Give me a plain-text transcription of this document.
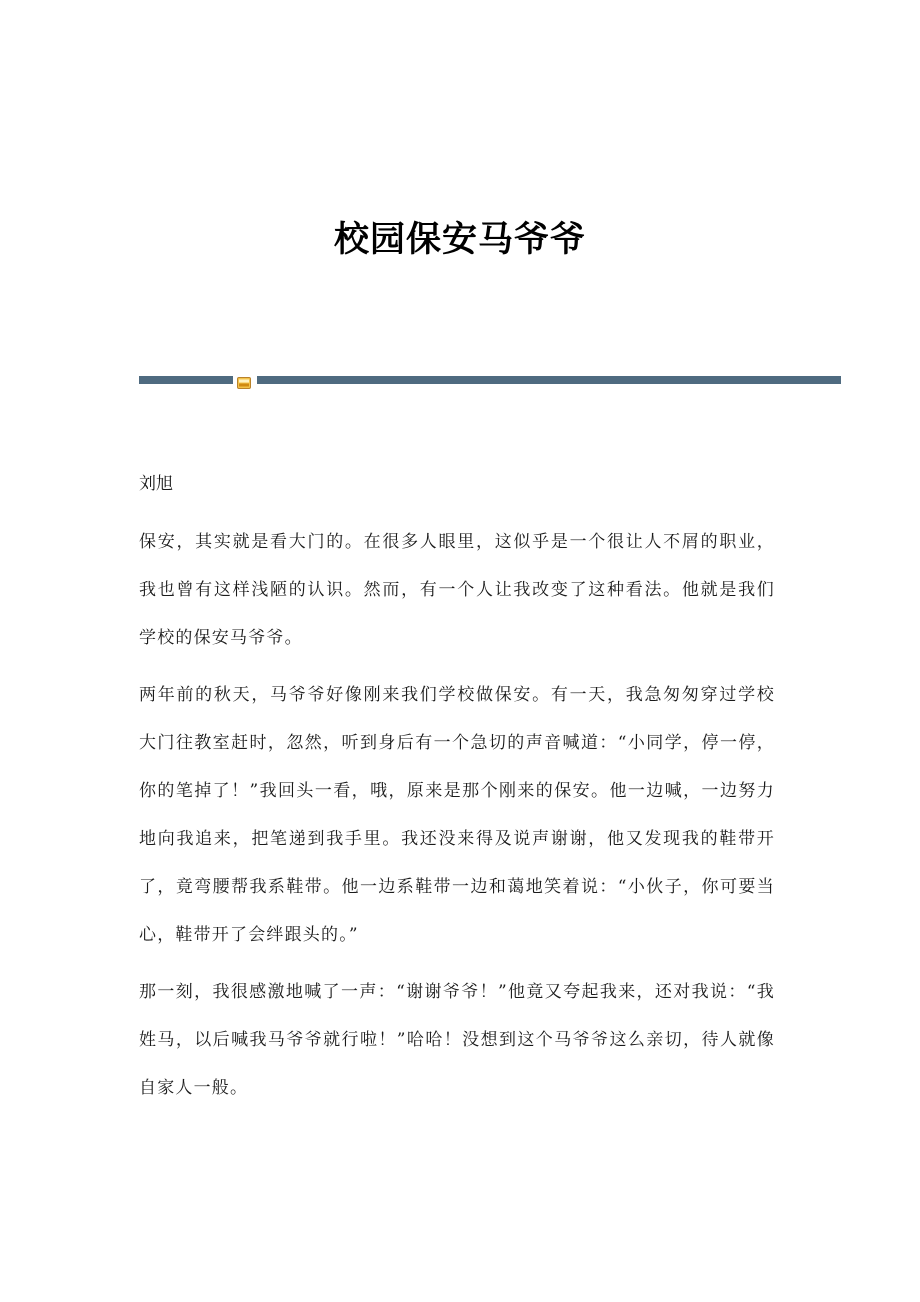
校园保安马爷爷

刘旭

保安，其实就是看大门的。在很多人眼里，这似乎是一个很让人不屑的职业，我也曾有这样浅陋的认识。然而，有一个人让我改变了这种看法。他就是我们学校的保安马爷爷。

两年前的秋天，马爷爷好像刚来我们学校做保安。有一天，我急匆匆穿过学校大门往教室赶时，忽然，听到身后有一个急切的声音喊道：“小同学，停一停，你的笔掉了！”我回头一看，哦，原来是那个刚来的保安。他一边喊，一边努力地向我追来，把笔递到我手里。我还没来得及说声谢谢，他又发现我的鞋带开了，竟弯腰帮我系鞋带。他一边系鞋带一边和蔼地笑着说：“小伙子，你可要当心，鞋带开了会绊跟头的。”

那一刻，我很感激地喊了一声：“谢谢爷爷！”他竟又夸起我来，还对我说：“我姓马，以后喊我马爷爷就行啦！”哈哈！没想到这个马爷爷这么亲切，待人就像自家人一般。
